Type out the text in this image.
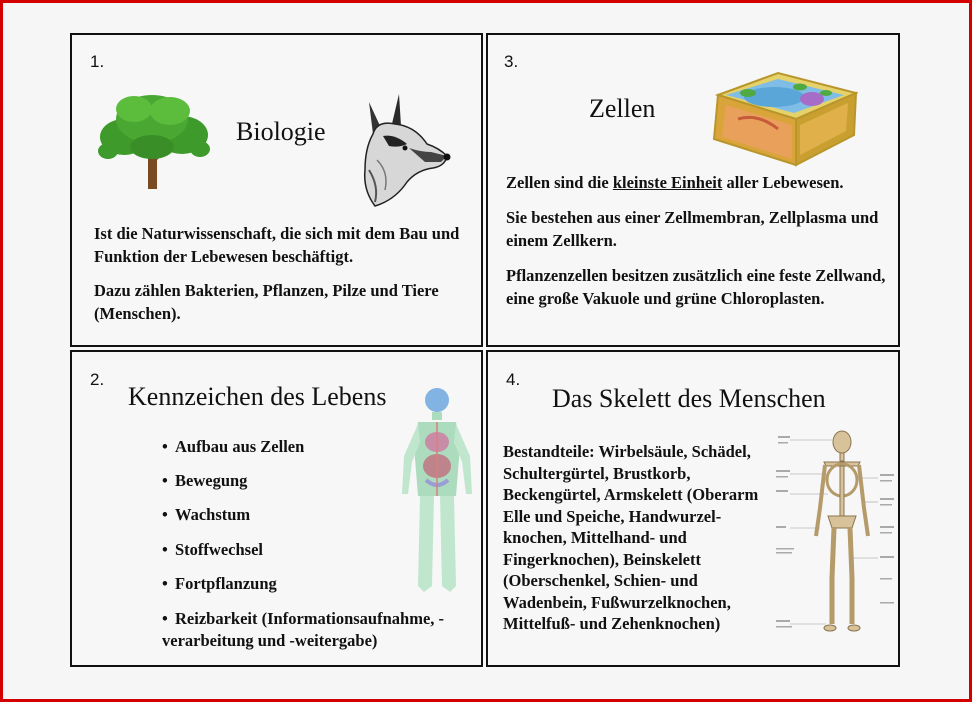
1.
Biologie

Ist die Naturwissenschaft, die sich mit dem Bau und Funktion der Lebewesen beschäftigt.

Dazu zählen Bakterien, Pflanzen, Pilze und Tiere (Menschen).

3.
Zellen

Zellen sind die kleinste Einheit aller Lebewesen.

Sie bestehen aus einer Zellmembran, Zellplasma und einem Zellkern.

Pflanzenzellen besitzen zusätzlich eine feste Zellwand, eine große Vakuole und grüne Chloroplasten.

2.
Kennzeichen des Lebens
• Aufbau aus Zellen
• Bewegung
• Wachstum
• Stoffwechsel
• Fortpflanzung
• Reizbarkeit (Informationsaufnahme, -verarbeitung und -weitergabe)
4.
Das Skelett des Menschen

Bestandteile: Wirbelsäule, Schädel, Schultergürtel, Brustkorb, Beckengürtel, Armskelett (Oberarm Elle und Speiche, Handwurzel- knochen, Mittelhand- und Fingerknochen), Beinskelett (Oberschenkel, Schien- und Wadenbein, Fußwurzelknochen, Mittelfuß- und Zehenknochen)
